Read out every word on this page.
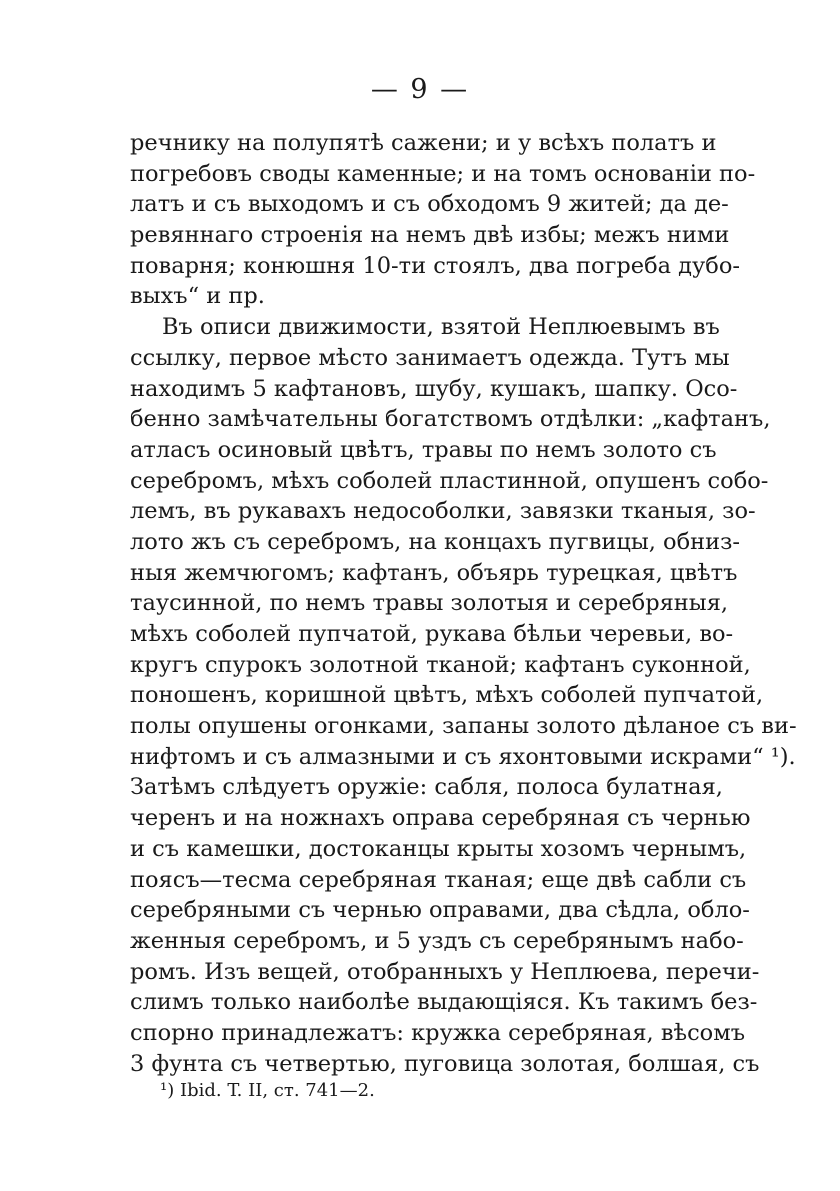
— 9 —
речнику на полупятѣ сажени; и у всѣхъ полатъ и
погребовъ своды каменные; и на томъ основаніи по-
латъ и съ выходомъ и съ обходомъ 9 житей; да де-
ревяннаго строенія на немъ двѣ избы; межъ ними
поварня; конюшня 10-ти стоялъ, два погреба дубо-
выхъ“ и пр.
Въ описи движимости, взятой Неплюевымъ въ
ссылку, первое мѣсто занимаетъ одежда. Тутъ мы
находимъ 5 кафтановъ, шубу, кушакъ, шапку. Осо-
бенно замѣчательны богатствомъ отдѣлки: „кафтанъ,
атласъ осиновый цвѣтъ, травы по немъ золото съ
серебромъ, мѣхъ соболей пластинной, опушенъ собо-
лемъ, въ рукавахъ недособолки, завязки тканыя, зо-
лото жъ съ серебромъ, на концахъ пугвицы, обниз-
ныя жемчюгомъ; кафтанъ, объярь турецкая, цвѣтъ
таусинной, по немъ травы золотыя и серебряныя,
мѣхъ соболей пупчатой, рукава бѣльи черевьи, во-
кругъ спурокъ золотной тканой; кафтанъ суконной,
поношенъ, коришной цвѣтъ, мѣхъ соболей пупчатой,
полы опушены огонками, запаны золото дѣланое съ ви-
нифтомъ и съ алмазными и съ яхонтовыми искрами“ ¹).
Затѣмъ слѣдуетъ оружіе: сабля, полоса булатная,
черенъ и на ножнахъ оправа серебряная съ чернью
и съ камешки, достоканцы крыты хозомъ чернымъ,
поясъ—тесма серебряная тканая; еще двѣ сабли съ
серебряными съ чернью оправами, два сѣдла, обло-
женныя серебромъ, и 5 уздъ съ серебрянымъ набо-
ромъ. Изъ вещей, отобранныхъ у Неплюева, перечи-
слимъ только наиболѣе выдающіяся. Къ такимъ без-
спорно принадлежатъ: кружка серебряная, вѣсомъ
3 фунта съ четвертью, пуговица золотая, болшая, съ
¹) Ibid. T. II, ст. 741—2.
